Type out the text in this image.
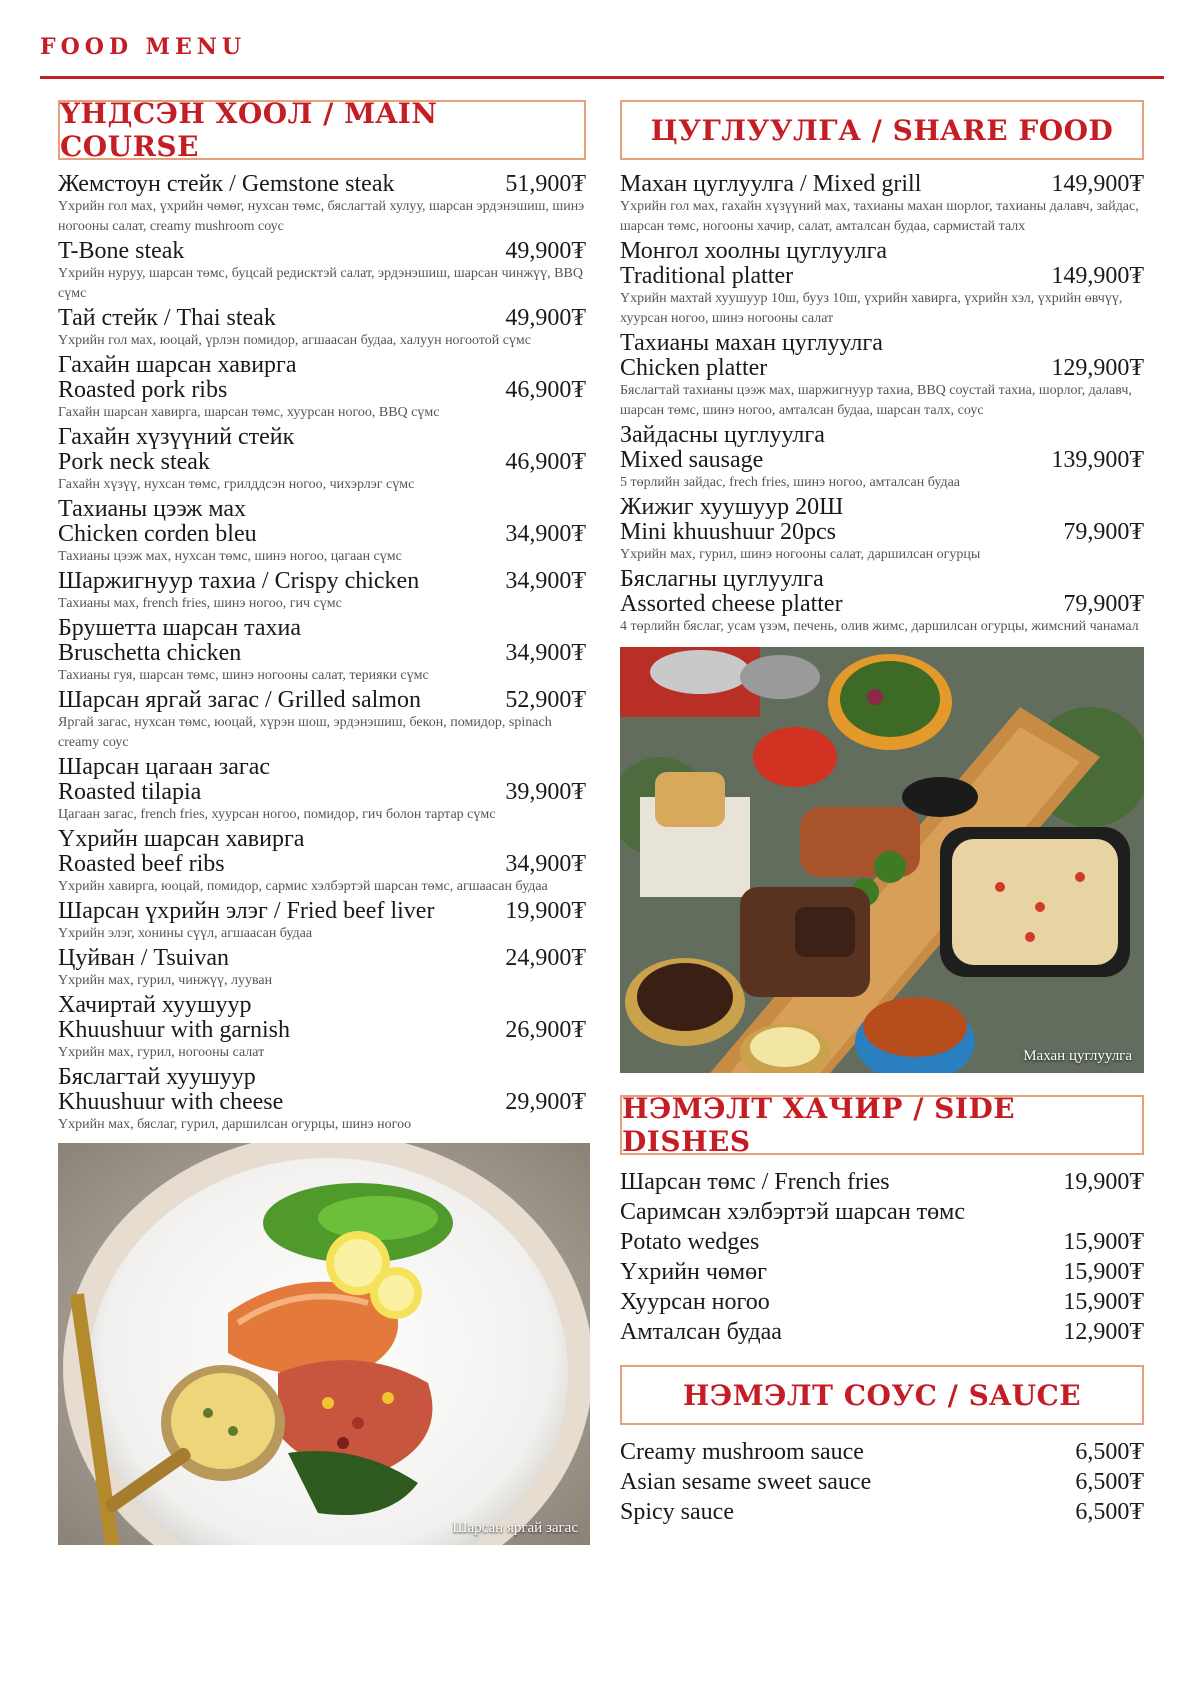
FOOD MENU
ҮНДСЭН ХООЛ / MAIN COURSE
Жемстоун стейк / Gemstone steak	51,900₮
Үхрийн гол мах, үхрийн чөмөг, нухсан төмс, бяслагтай хулуу, шарсан эрдэнэшиш, шинэ ногооны салат, creamy mushroom соус
T-Bone steak	49,900₮
Үхрийн нуруу, шарсан төмс, буцсай редисктэй салат, эрдэнэшиш, шарсан чинжүү, BBQ сүмс
Тай стейк / Thai steak	49,900₮
Үхрийн гол мах, юоцай, үрлэн помидор, агшаасан будаа, халуун ногоотой сүмс
Гахайн шарсан хавирга
Roasted pork ribs	46,900₮
Гахайн шарсан хавирга, шарсан төмс, хуурсан ногоо, BBQ сүмс
Гахайн хүзүүний стейк
Pork neck steak	46,900₮
Гахайн хүзүү, нухсан төмс, грилддсэн ногоо, чихэрлэг сүмс
Тахианы цээж мах
Chicken corden bleu	34,900₮
Тахианы цээж мах, нухсан төмс, шинэ ногоо, цагаан сүмс
Шаржигнуур тахиа / Crispy chicken	34,900₮
Тахианы мах, french fries, шинэ ногоо, гич сүмс
Брушетта шарсан тахиа
Bruschetta chicken	34,900₮
Тахианы гуя, шарсан төмс, шинэ ногооны салат, терияки сүмс
Шарсан яргай загас / Grilled salmon	52,900₮
Яргай загас, нухсан төмс, юоцай, хүрэн шош, эрдэнэшиш, бекон, помидор, spinach creamy соус
Шарсан цагаан загас
Roasted tilapia	39,900₮
Цагаан загас, french fries, хуурсан ногоо, помидор, гич болон тартар сүмс
Үхрийн шарсан хавирга
Roasted beef ribs	34,900₮
Үхрийн хавирга, юоцай, помидор, сармис хэлбэртэй шарсан төмс, агшаасан будаа
Шарсан үхрийн элэг / Fried beef liver	19,900₮
Үхрийн элэг, хонины сүүл, агшаасан будаа
Цуйван / Tsuivan	24,900₮
Үхрийн мах, гурил, чинжүү, лууван
Хачиртай хуушуур
Khuushuur with garnish	26,900₮
Үхрийн мах, гурил, ногооны салат
Бяслагтай хуушуур
Khuushuur with cheese	29,900₮
Үхрийн мах, бяслаг, гурил, даршилсан огурцы, шинэ ногоо
Шарсан яргай загас
ЦУГЛУУЛГА / SHARE FOOD
Махан цуглуулга / Mixed grill	149,900₮
Үхрийн гол мах, гахайн хүзүүний мах, тахианы махан шорлог, тахианы далавч, зайдас, шарсан төмс, ногооны хачир, салат, амталсан будаа, сармистай талх
Монгол хоолны цуглуулга
Traditional platter	149,900₮
Үхрийн махтай хуушуур 10ш, бууз 10ш, үхрийн хавирга, үхрийн хэл, үхрийн өвчүү, хуурсан ногоо, шинэ ногооны салат
Тахианы махан цуглуулга
Chicken platter	129,900₮
Бяслагтай тахианы цээж мах, шаржигнуур тахиа, BBQ соустай тахиа, шорлог, далавч, шарсан төмс, шинэ ногоо, амталсан будаа, шарсан талх, соус
Зайдасны цуглуулга
Mixed sausage	139,900₮
5 төрлийн зайдас, frech fries, шинэ ногоо, амталсан будаа
Жижиг хуушуур 20Ш
Mini khuushuur 20pcs	79,900₮
Үхрийн мах, гурил, шинэ ногооны салат, даршилсан огурцы
Бяслагны цуглуулга
Assorted cheese platter	79,900₮
4 төрлийн бяслаг, усам үзэм, печень, олив жимс, даршилсан огурцы, жимсний чанамал
Махан цуглуулга
НЭМЭЛТ ХАЧИР / SIDE DISHES
Шарсан төмс / French fries	19,900₮
Саримсан хэлбэртэй шарсан төмс
Potato wedges	15,900₮
Үхрийн чөмөг	15,900₮
Хуурсан ногоо	15,900₮
Амталсан будаа	12,900₮
НЭМЭЛТ СОУС / SAUCE
Creamy mushroom sauce	6,500₮
Asian sesame sweet sauce	6,500₮
Spicy sauce	6,500₮
